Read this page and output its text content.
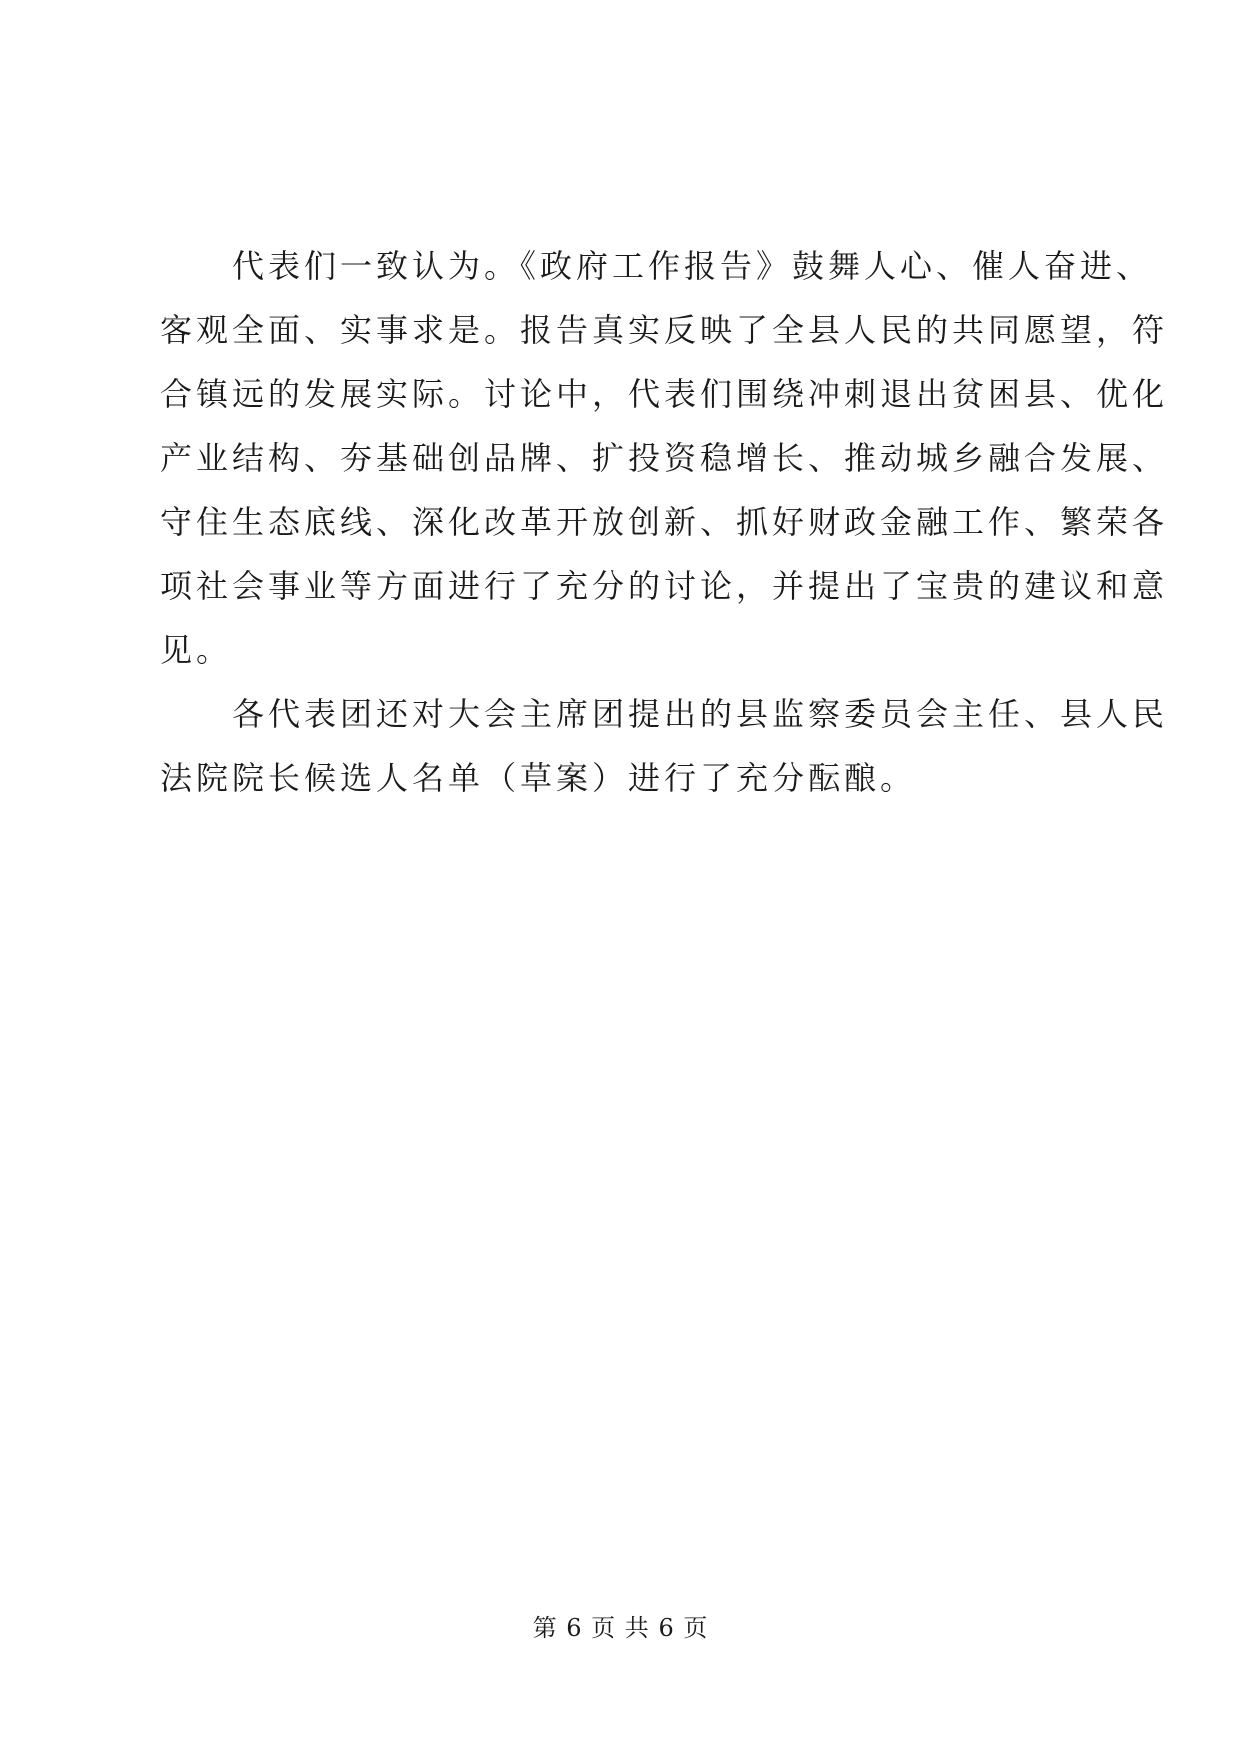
代表们一致认为。《政府工作报告》鼓舞人心、催人奋进、
客观全面、实事求是。报告真实反映了全县人民的共同愿望，符
合镇远的发展实际。讨论中，代表们围绕冲刺退出贫困县、优化
产业结构、夯基础创品牌、扩投资稳增长、推动城乡融合发展、
守住生态底线、深化改革开放创新、抓好财政金融工作、繁荣各
项社会事业等方面进行了充分的讨论，并提出了宝贵的建议和意
见。
各代表团还对大会主席团提出的县监察委员会主任、县人民
法院院长候选人名单（草案）进行了充分酝酿。
第 6 页 共 6 页
